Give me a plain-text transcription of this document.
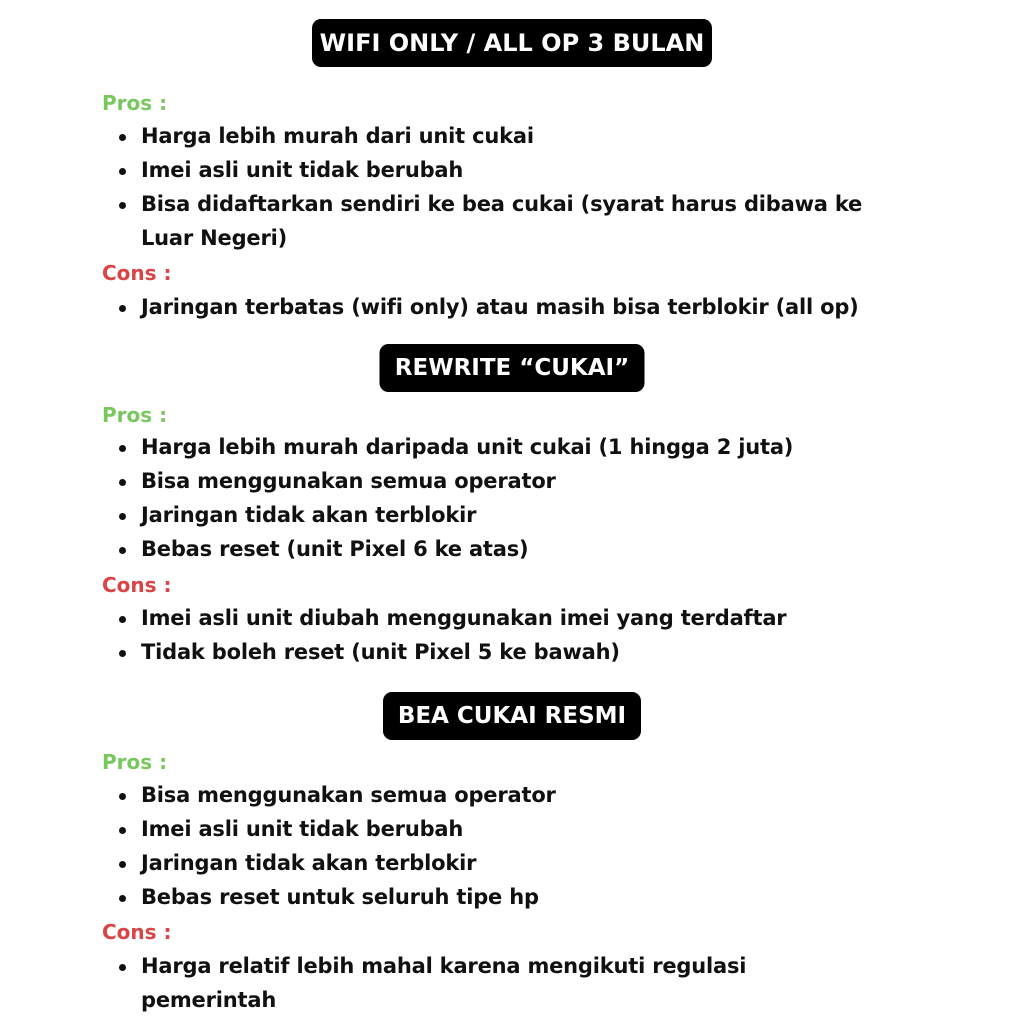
WIFI ONLY / ALL OP 3 BULAN
Pros :
Harga lebih murah dari unit cukai
Imei asli unit tidak berubah
Bisa didaftarkan sendiri ke bea cukai (syarat harus dibawa ke Luar Negeri)
Cons :
Jaringan terbatas (wifi only) atau masih bisa terblokir (all op)
REWRITE “CUKAI”
Pros :
Harga lebih murah daripada unit cukai (1 hingga 2 juta)
Bisa menggunakan semua operator
Jaringan tidak akan terblokir
Bebas reset (unit Pixel 6 ke atas)
Cons :
Imei asli unit diubah menggunakan imei yang terdaftar
Tidak boleh reset (unit Pixel 5 ke bawah)
BEA CUKAI RESMI
Pros :
Bisa menggunakan semua operator
Imei asli unit tidak berubah
Jaringan tidak akan terblokir
Bebas reset untuk seluruh tipe hp
Cons :
Harga relatif lebih mahal karena mengikuti regulasi pemerintah
